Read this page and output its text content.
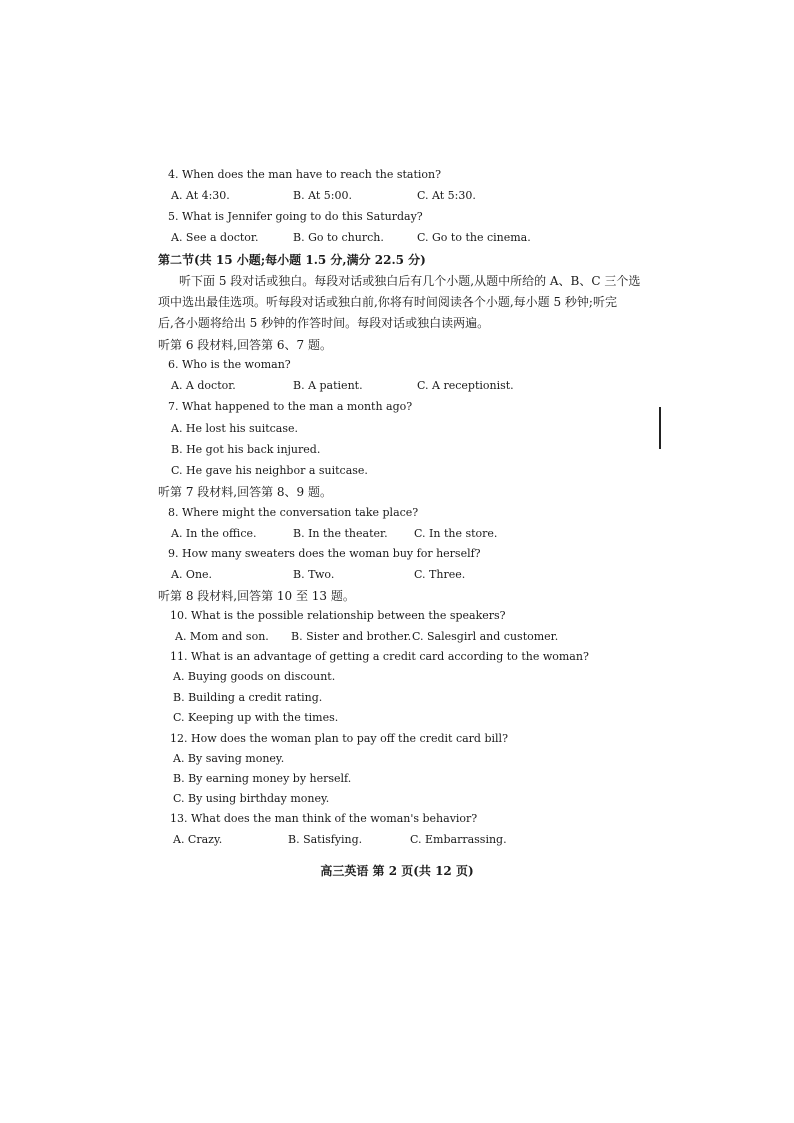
4. When does the man have to reach the station?
A. At 4:30.	B. At 5:00.	C. At 5:30.
5. What is Jennifer going to do this Saturday?
A. See a doctor.	B. Go to church.	C. Go to the cinema.
第二节(共 15 小题;每小题 1.5 分,满分 22.5 分)
听下面 5 段对话或独白。每段对话或独白后有几个小题,从题中所给的 A、B、C 三个选
项中选出最佳选项。听每段对话或独白前,你将有时间阅读各个小题,每小题 5 秒钟;听完
后,各小题将给出 5 秒钟的作答时间。每段对话或独白读两遍。
听第 6 段材料,回答第 6、7 题。
6. Who is the woman?
A. A doctor.	B. A patient.	C. A receptionist.
7. What happened to the man a month ago?
A. He lost his suitcase.
B. He got his back injured.
C. He gave his neighbor a suitcase.
听第 7 段材料,回答第 8、9 题。
8. Where might the conversation take place?
A. In the office.	B. In the theater. C. In the store.
9. How many sweaters does the woman buy for herself?
A. One.	B. Two.	C. Three.
听第 8 段材料,回答第 10 至 13 题。
10. What is the possible relationship between the speakers?
A. Mom and son. B. Sister and brother. C. Salesgirl and customer.
11. What is an advantage of getting a credit card according to the woman?
A. Buying goods on discount.
B. Building a credit rating.
C. Keeping up with the times.
12. How does the woman plan to pay off the credit card bill?
A. By saving money.
B. By earning money by herself.
C. By using birthday money.
13. What does the man think of the woman's behavior?
A. Crazy.	B. Satisfying.	C. Embarrassing.
高三英语 第 2 页(共 12 页)
